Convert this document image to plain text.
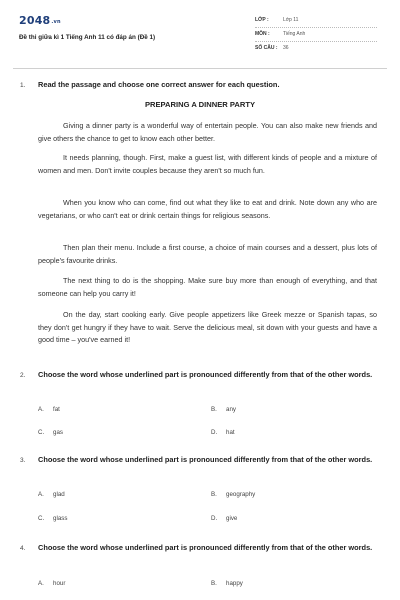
$2048^{.vn}$
Đề thi giữa kì 1 Tiếng Anh 11 có đáp án (Đề 1)
LỚP :	Lớp 11
MÔN :	Tiếng Anh
SỐ CÂU : 36
1. Read the passage and choose one correct answer for each question.
PREPARING A DINNER PARTY
Giving a dinner party is a wonderful way of entertain people. You can also make new friends and give others the chance to get to know each other better.
It needs planning, though. First, make a guest list, with different kinds of people and a mixture of women and men. Don't invite couples because they aren't so much fun.
When you know who can come, find out what they like to eat and drink. Note down any who are vegetarians, or who can't eat or drink certain things for religious seasons.
Then plan their menu. Include a first course, a choice of main courses and a dessert, plus lots of people's favourite drinks.
The next thing to do is the shopping. Make sure buy more than enough of everything, and that someone can help you carry it!
On the day, start cooking early. Give people appetizers like Greek mezze or Spanish tapas, so they don't get hungry if they have to wait. Serve the delicious meal, sit down with your guests and have a good time – you've earned it!
2. Choose the word whose underlined part is pronounced differently from that of the other words.
A. fat	B. any
C. gas	D. hat
3. Choose the word whose underlined part is pronounced differently from that of the other words.
A. glad	B. geography
C. glass	D. give
4. Choose the word whose underlined part is pronounced differently from that of the other words.
A. hour	B. happy
